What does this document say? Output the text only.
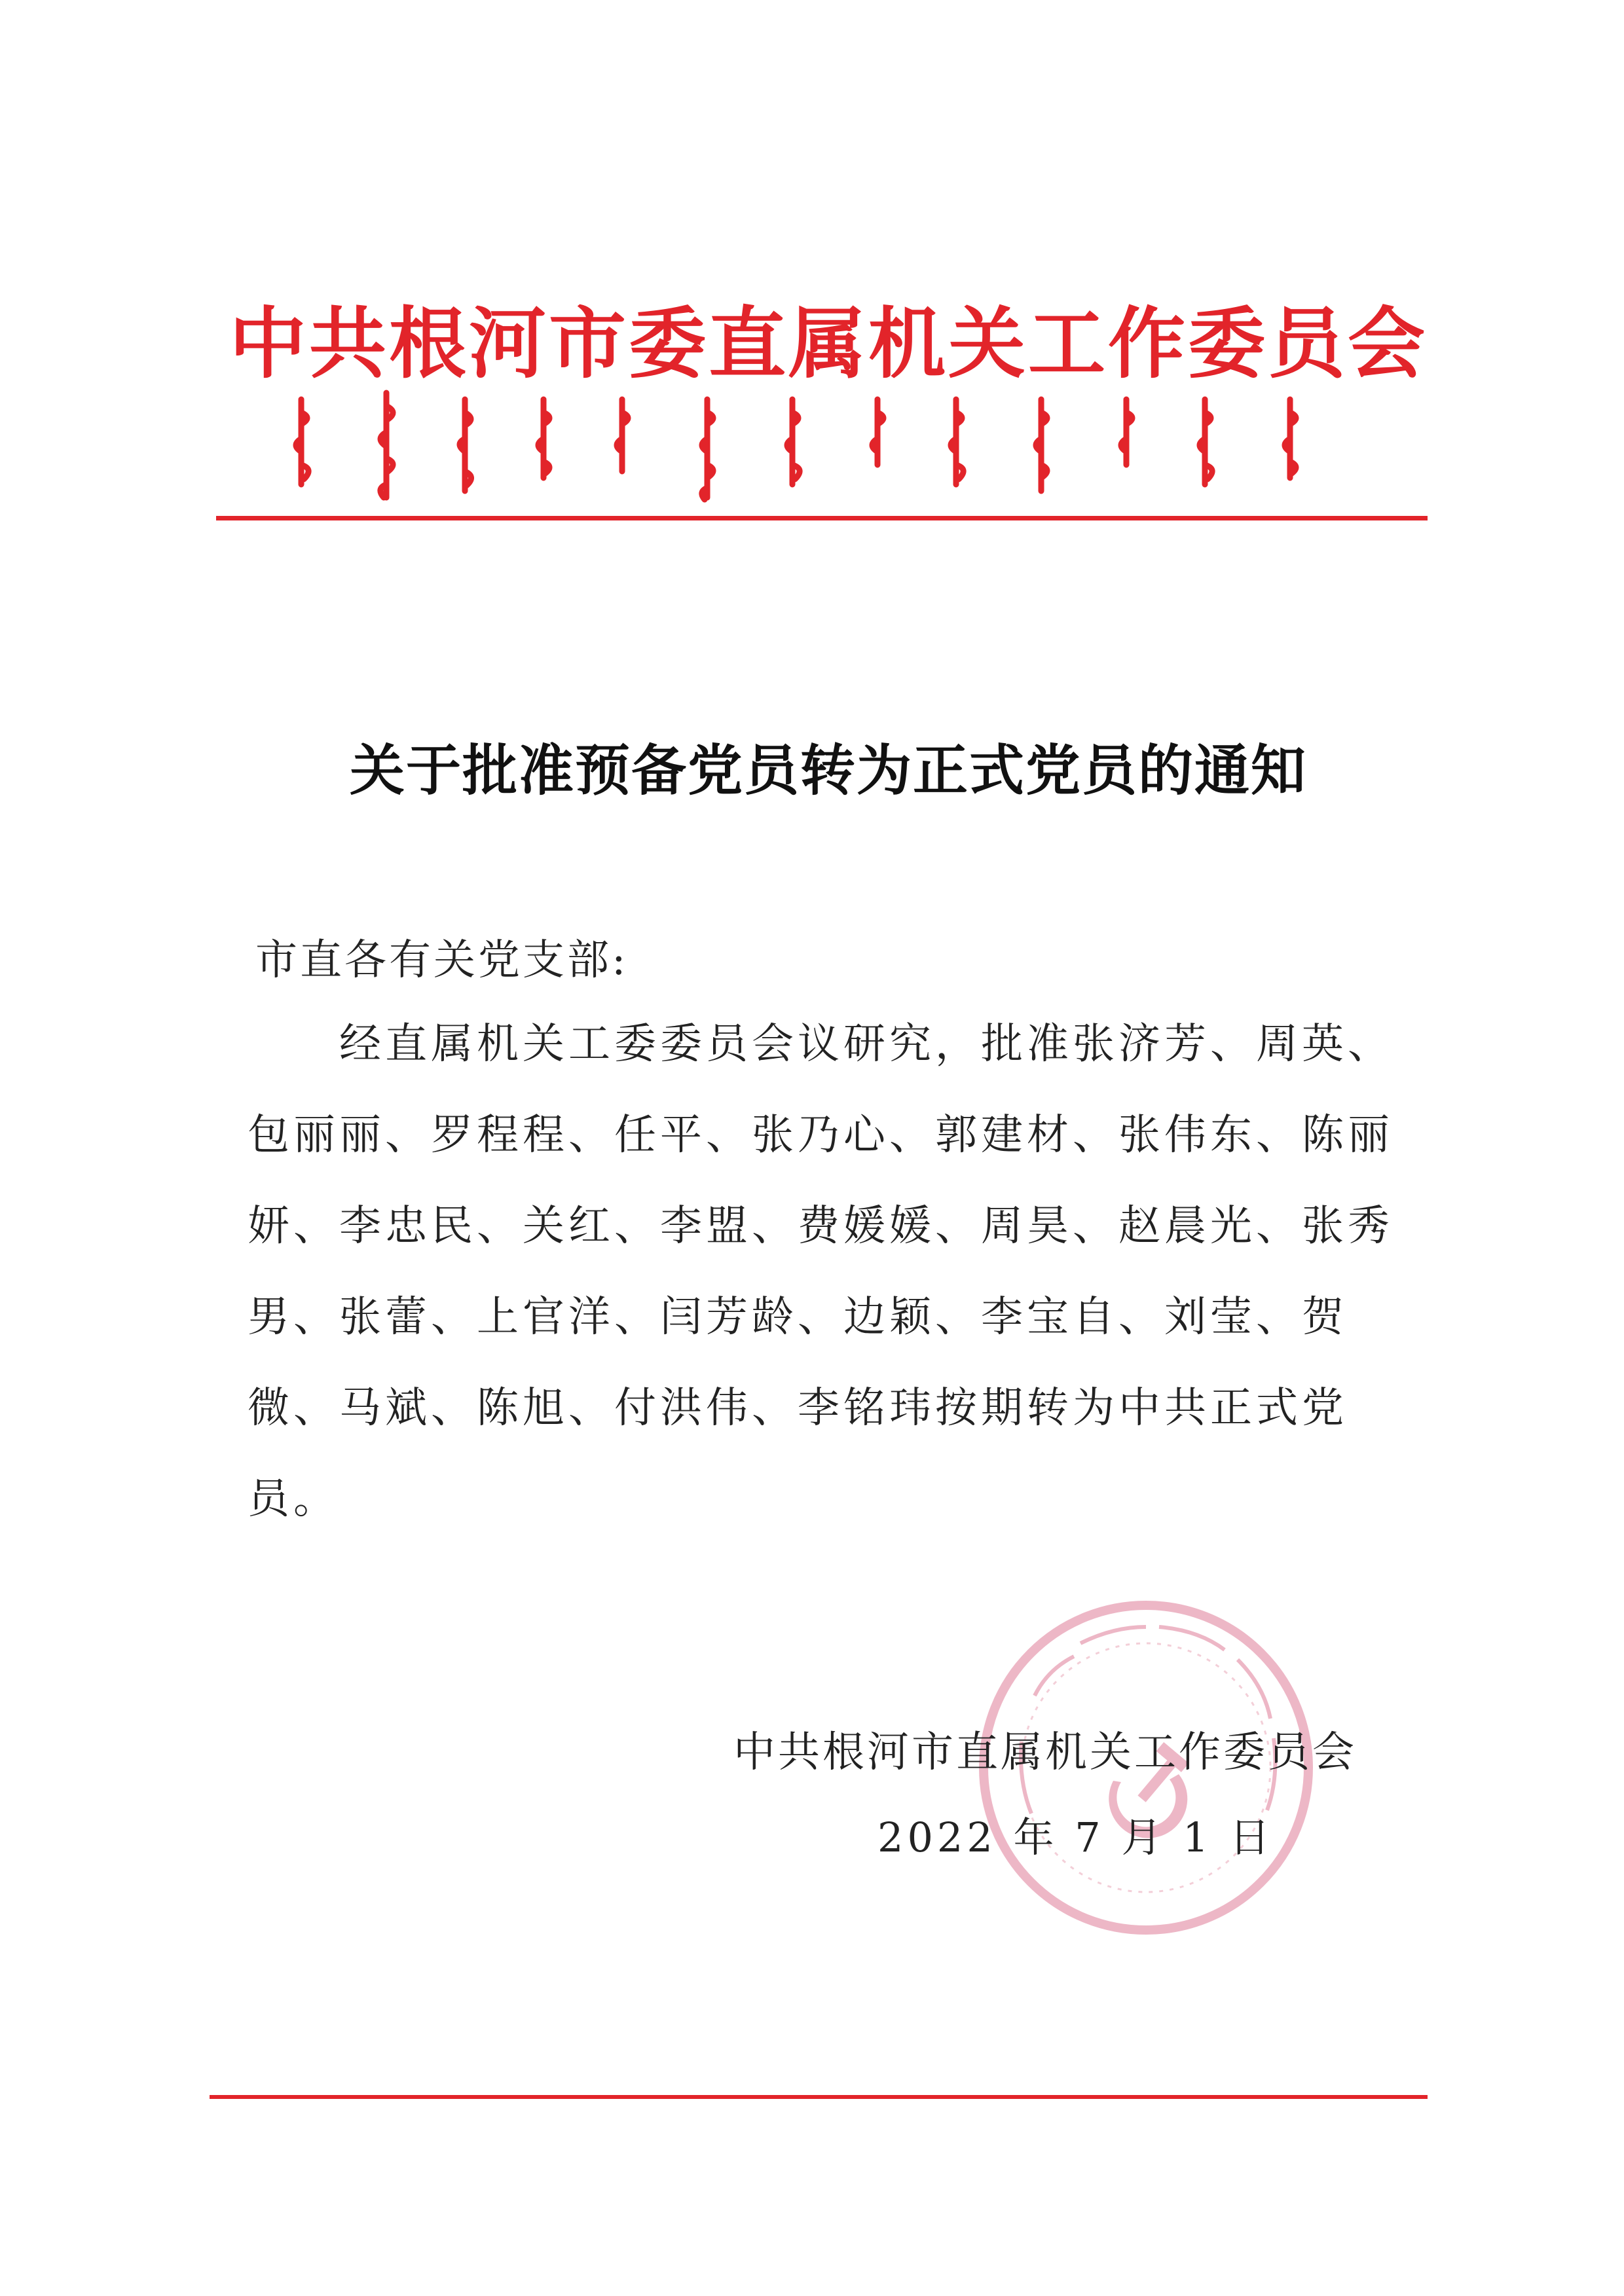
中共根河市委直属机关工作委员会
关于批准预备党员转为正式党员的通知
市直各有关党支部:
经直属机关工委委员会议研究，批准张济芳、周英、
包丽丽、罗程程、任平、张乃心、郭建材、张伟东、陈丽
妍、李忠民、关红、李盟、费媛媛、周昊、赵晨光、张秀
男、张蕾、上官洋、闫芳龄、边颖、李宝自、刘莹、贺
微、马斌、陈旭、付洪伟、李铭玮按期转为中共正式党
员。
中共根河市直属机关工作委员会
2022 年 7 月 1 日
